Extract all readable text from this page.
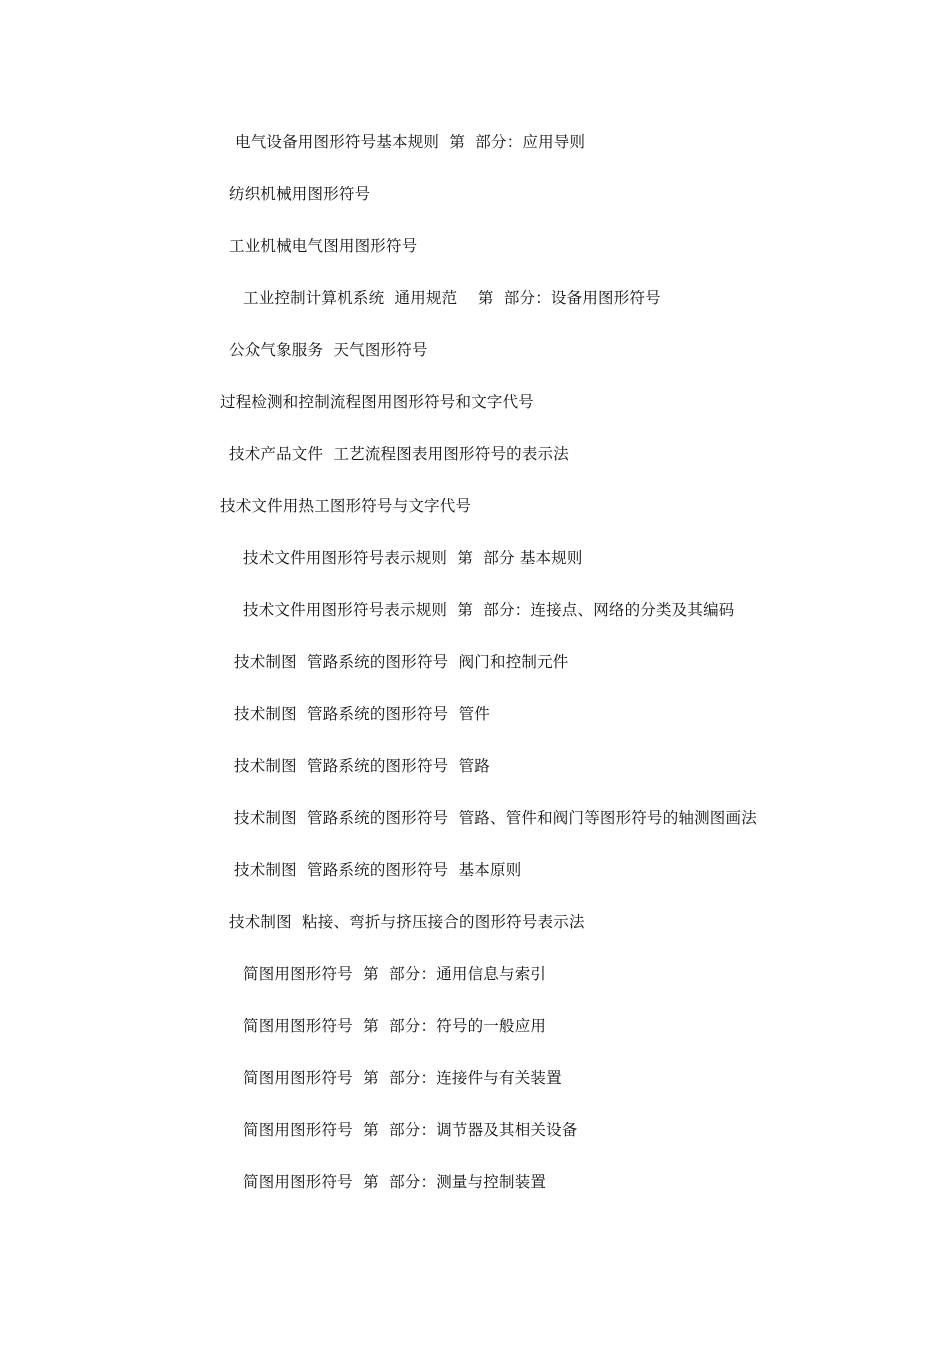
电气设备用图形符号基本规则  第  部分：应用导则
纺织机械用图形符号
工业机械电气图用图形符号
工业控制计算机系统  通用规范    第  部分：设备用图形符号
公众气象服务  天气图形符号
过程检测和控制流程图用图形符号和文字代号
技术产品文件  工艺流程图表用图形符号的表示法
技术文件用热工图形符号与文字代号
技术文件用图形符号表示规则  第  部分 基本规则
技术文件用图形符号表示规则  第  部分：连接点、网络的分类及其编码
技术制图  管路系统的图形符号  阀门和控制元件
技术制图  管路系统的图形符号  管件
技术制图  管路系统的图形符号  管路
技术制图  管路系统的图形符号  管路、管件和阀门等图形符号的轴测图画法
技术制图  管路系统的图形符号  基本原则
技术制图  粘接、弯折与挤压接合的图形符号表示法
简图用图形符号  第  部分：通用信息与索引
简图用图形符号  第  部分：符号的一般应用
简图用图形符号  第  部分：连接件与有关装置
简图用图形符号  第  部分：调节器及其相关设备
简图用图形符号  第  部分：测量与控制装置
